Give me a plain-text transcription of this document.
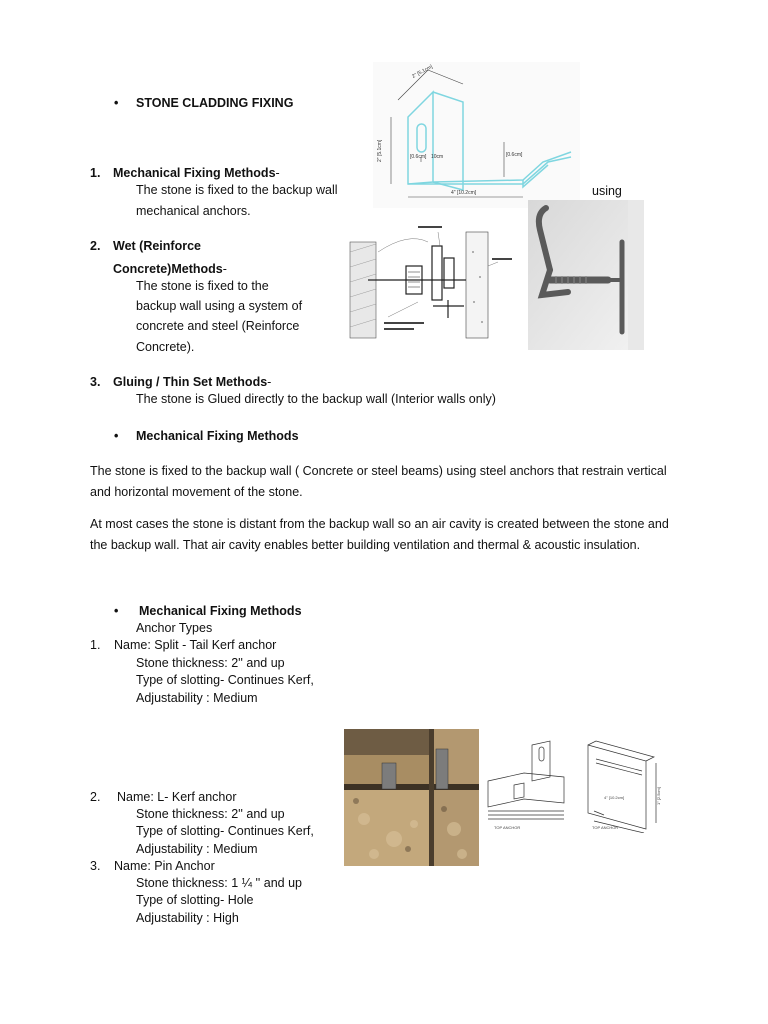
• STONE CLADDING FIXING
1. Mechanical Fixing Methods-
The stone is fixed to the backup wall	using
mechanical anchors.
2. Wet (Reinforce
Concrete)Methods-
The stone is fixed to the
backup wall using a system of
concrete and steel (Reinforce
Concrete).
3. Gluing / Thin Set Methods-
The stone is Glued directly to the backup wall (Interior walls only)
• Mechanical Fixing Methods
The stone is fixed to the backup wall ( Concrete or steel beams) using steel anchors that restrain vertical and horizontal movement of the stone.
At most cases the stone is distant from the backup wall so an air cavity is created between the stone and the backup wall. That air cavity enables better building ventilation and thermal & acoustic insulation.
• Mechanical Fixing Methods
Anchor Types
1. Name: Split - Tail Kerf anchor
Stone thickness: 2'' and up
Type of slotting- Continues Kerf,
Adjustability : Medium
2. Name: L- Kerf anchor
Stone thickness: 2'' and up
Type of slotting- Continues Kerf,
Adjustability : Medium
3. Name: Pin Anchor
Stone thickness: 1 ¼ '' and up
Type of slotting- Hole
Adjustability : High
2" [5.1cm]
2" [5.1cm]	[0.6cm] 10cm	[0.6cm]
4" [10.2cm]
TOP ANCHOR
4" [10.2cm]	1" [2.5cm]
TOP ANCHOR
